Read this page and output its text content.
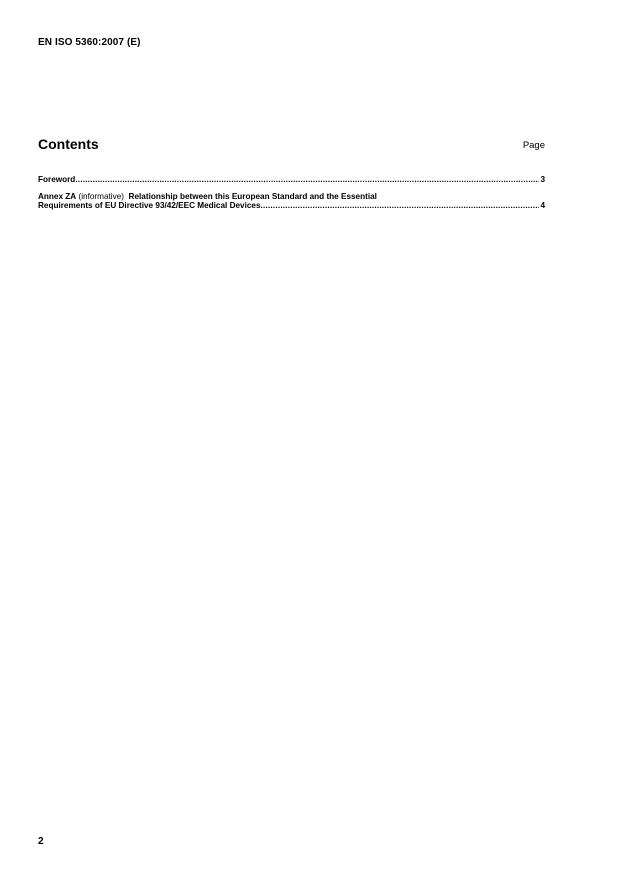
EN ISO 5360:2007 (E)
Contents	Page
Foreword .....	3
Annex ZA (informative) Relationship between this European Standard and the Essential
Requirements of EU Directive 93/42/EEC Medical Devices .....	4
2
